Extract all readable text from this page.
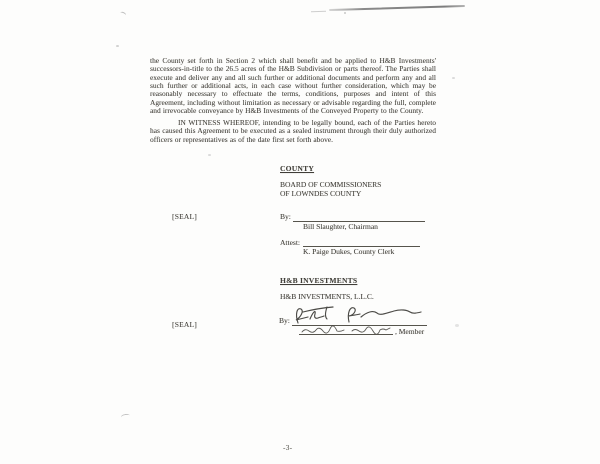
the County set forth in Section 2 which shall benefit and be applied to H&B Investments' successors-in-title to the 26.5 acres of the H&B Subdivision or parts thereof. The Parties shall execute and deliver any and all such further or additional documents and perform any and all such further or additional acts, in each case without further consideration, which may be reasonably necessary to effectuate the terms, conditions, purposes and intent of this Agreement, including without limitation as necessary or advisable regarding the full, complete and irrevocable conveyance by H&B Investments of the Conveyed Property to the County.
IN WITNESS WHEREOF, intending to be legally bound, each of the Parties hereto has caused this Agreement to be executed as a sealed instrument through their duly authorized officers or representatives as of the date first set forth above.
COUNTY
BOARD OF COMMISSIONERS
OF LOWNDES COUNTY
[SEAL]	By:
Bill Slaughter, Chairman
Attest:
K. Paige Dukes, County Clerk
H&B INVESTMENTS
H&B INVESTMENTS, L.L.C.
[SEAL]	By:
, Member
-3-
